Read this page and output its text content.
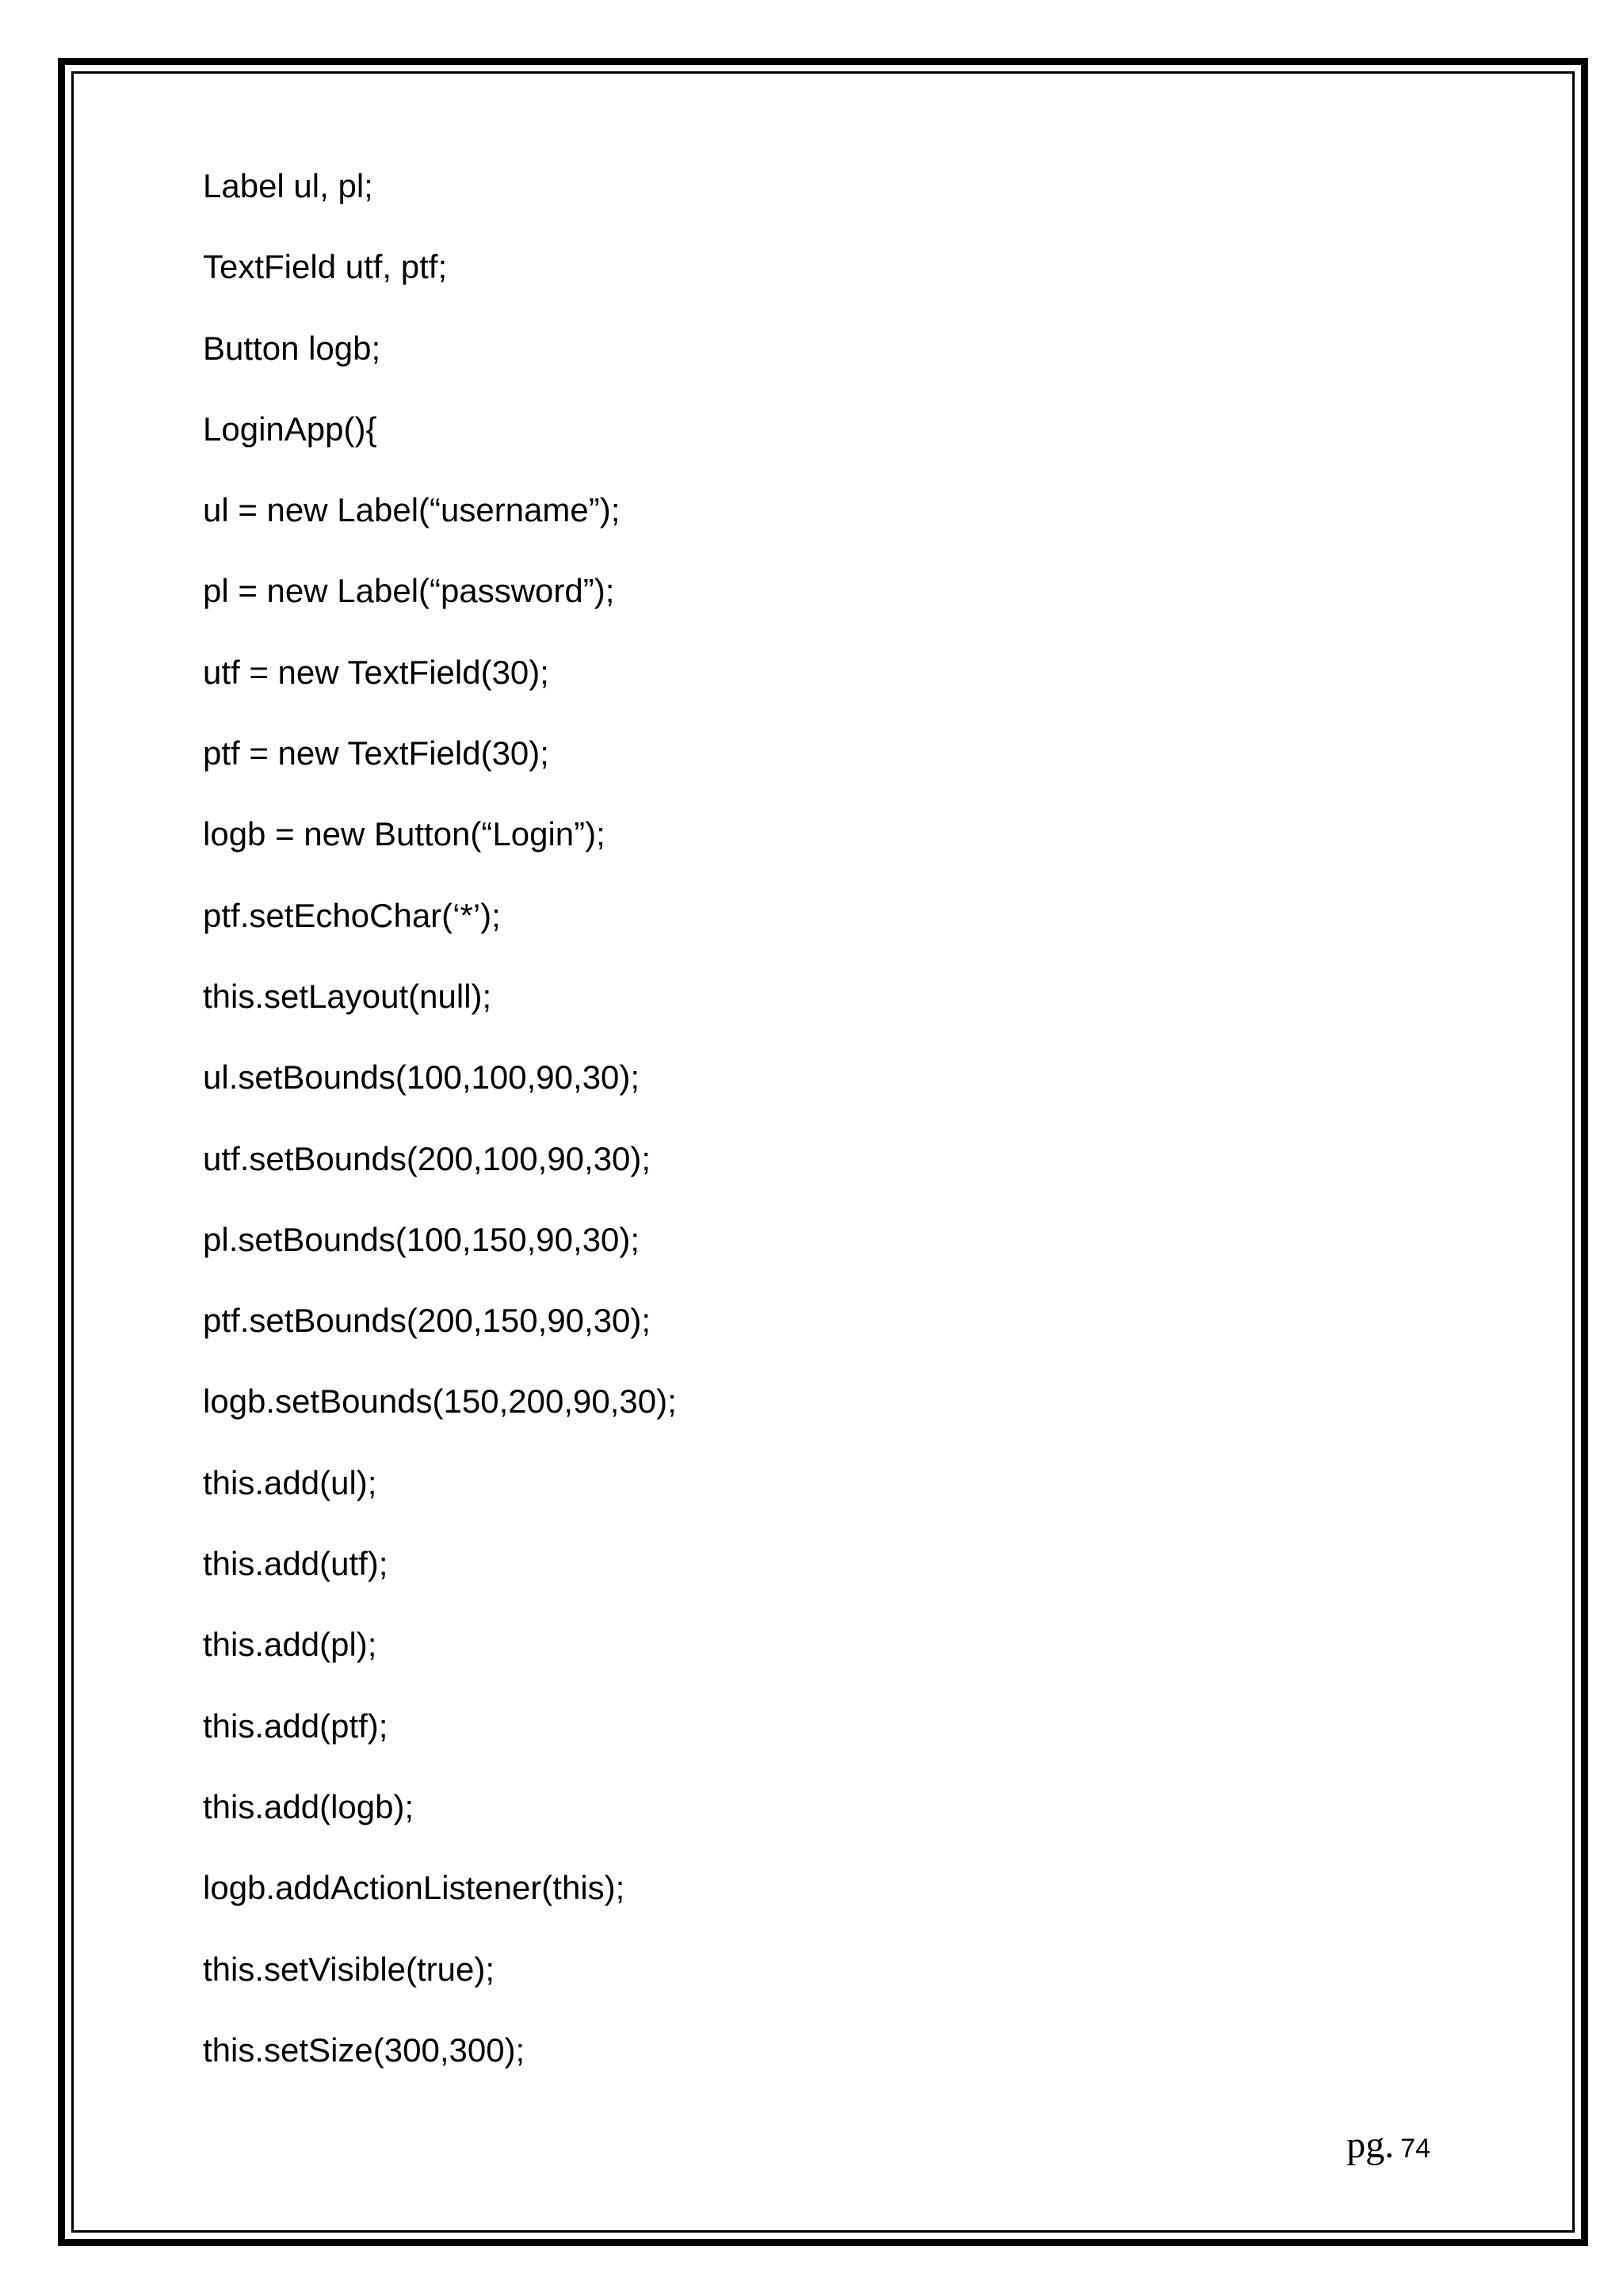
Label ul, pl;
TextField utf, ptf;
Button logb;
LoginApp(){
ul = new Label(“username”);
pl = new Label(“password”);
utf = new TextField(30);
ptf = new TextField(30);
logb = new Button(“Login”);
ptf.setEchoChar(‘*’);
this.setLayout(null);
ul.setBounds(100,100,90,30);
utf.setBounds(200,100,90,30);
pl.setBounds(100,150,90,30);
ptf.setBounds(200,150,90,30);
logb.setBounds(150,200,90,30);
this.add(ul);
this.add(utf);
this.add(pl);
this.add(ptf);
this.add(logb);
logb.addActionListener(this);
this.setVisible(true);
this.setSize(300,300);
pg. 74
